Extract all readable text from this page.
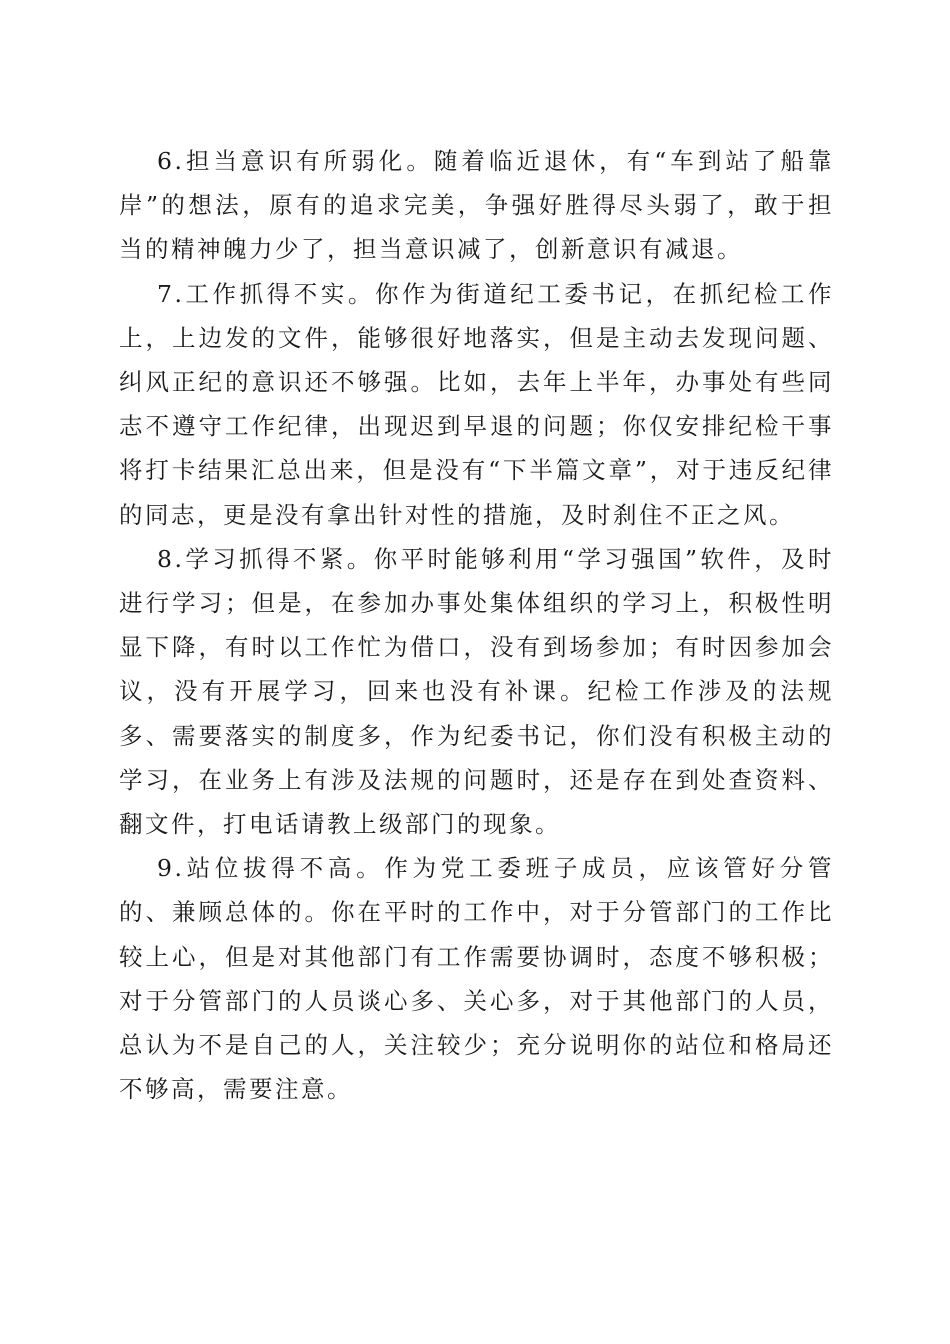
6.担当意识有所弱化。随着临近退休，有“车到站了船靠岸”的想法，原有的追求完美，争强好胜得尽头弱了，敢于担当的精神魄力少了，担当意识减了，创新意识有减退。

7.工作抓得不实。你作为街道纪工委书记，在抓纪检工作上，上边发的文件，能够很好地落实，但是主动去发现问题、纠风正纪的意识还不够强。比如，去年上半年，办事处有些同志不遵守工作纪律，出现迟到早退的问题；你仅安排纪检干事将打卡结果汇总出来，但是没有“下半篇文章”，对于违反纪律的同志，更是没有拿出针对性的措施，及时刹住不正之风。

8.学习抓得不紧。你平时能够利用“学习强国”软件，及时进行学习；但是，在参加办事处集体组织的学习上，积极性明显下降，有时以工作忙为借口，没有到场参加；有时因参加会议，没有开展学习，回来也没有补课。纪检工作涉及的法规多、需要落实的制度多，作为纪委书记，你们没有积极主动的学习，在业务上有涉及法规的问题时，还是存在到处查资料、翻文件，打电话请教上级部门的现象。

9.站位拔得不高。作为党工委班子成员，应该管好分管的、兼顾总体的。你在平时的工作中，对于分管部门的工作比较上心，但是对其他部门有工作需要协调时，态度不够积极；对于分管部门的人员谈心多、关心多，对于其他部门的人员，总认为不是自己的人，关注较少；充分说明你的站位和格局还不够高，需要注意。
